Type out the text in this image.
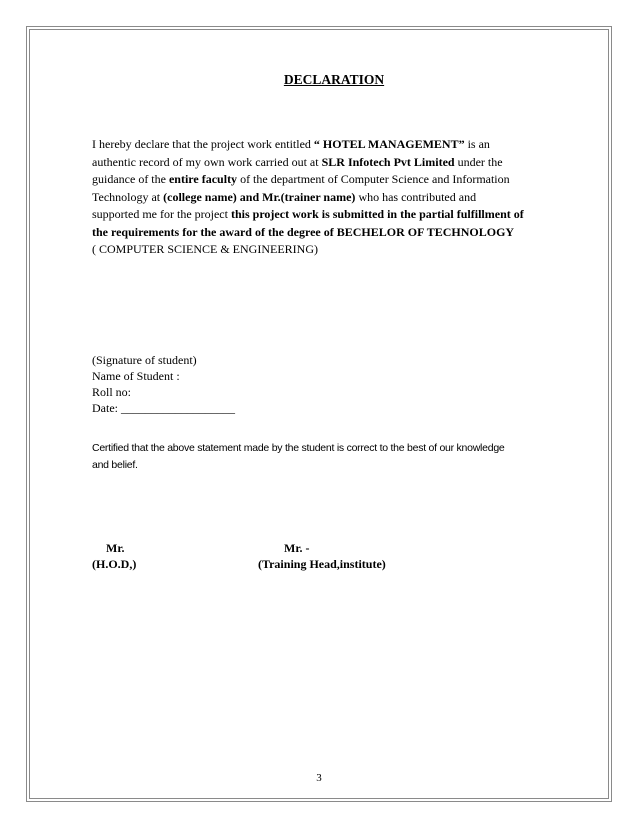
DECLARATION
I hereby declare that the project work entitled “ HOTEL MANAGEMENT” is an
authentic record of my own work carried out at SLR Infotech Pvt Limited under the
guidance of the entire faculty of the department of Computer Science and Information
Technology at (college name) and Mr.(trainer name) who has contributed and
supported me for the project this project work is submitted in the partial fulfillment of
the requirements for the award of the degree of BECHELOR OF TECHNOLOGY
( COMPUTER SCIENCE & ENGINEERING)
(Signature of student)
Name of Student :
Roll no:
Date: ___________________
Certified that the above statement made by the student is correct to the best of our knowledge
and belief.
Mr.
(H.O.D,)
Mr. -
(Training Head,institute)
3
